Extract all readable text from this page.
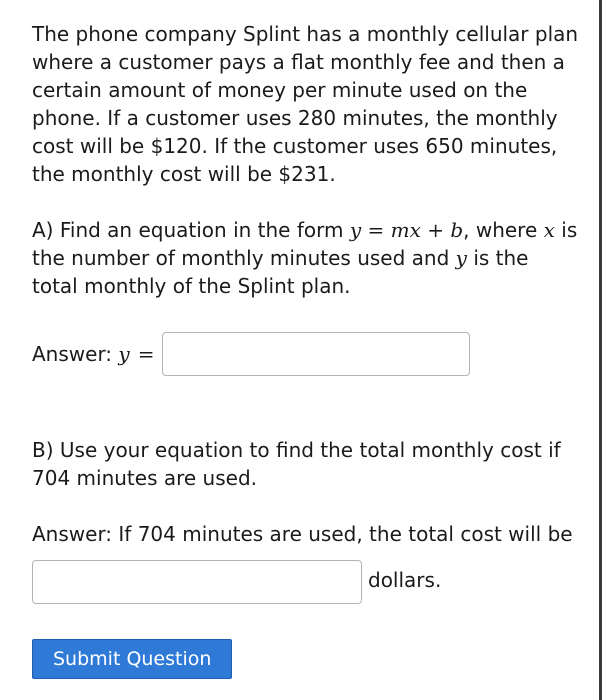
The phone company Splint has a monthly cellular plan where a customer pays a flat monthly fee and then a certain amount of money per minute used on the phone. If a customer uses 280 minutes, the monthly cost will be $120. If the customer uses 650 minutes, the monthly cost will be $231.

A) Find an equation in the form y = mx + b, where x is the number of monthly minutes used and y is the total monthly of the Splint plan.

Answer: y =

B) Use your equation to find the total monthly cost if 704 minutes are used.

Answer: If 704 minutes are used, the total cost will be

dollars.
Submit Question
